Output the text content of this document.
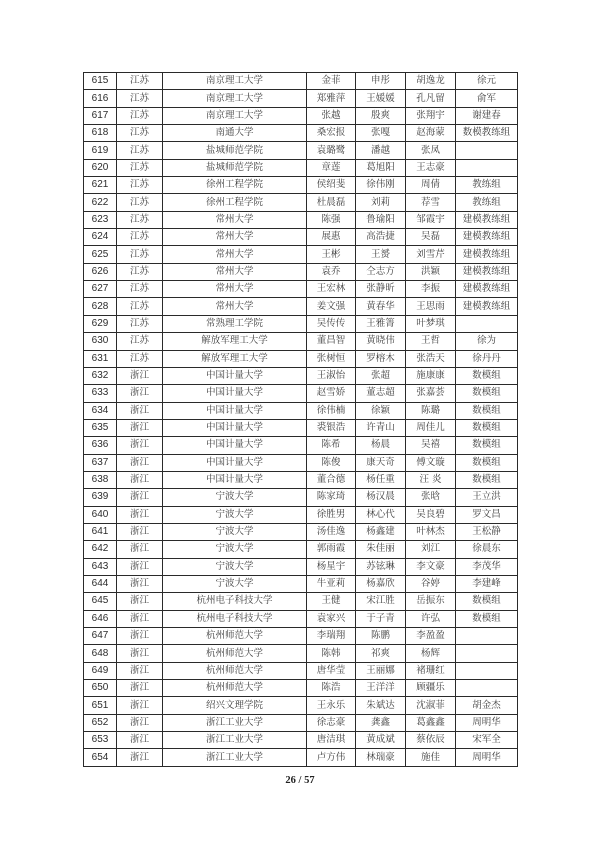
615	江苏	南京理工大学	金菲	申彤	胡逸龙	徐元
616	江苏	南京理工大学	郑雅萍	王媛媛	孔凡留	俞军
617	江苏	南京理工大学	张越	殷爽	张翔宇	谢建春
618	江苏	南通大学	桑宏报	张嘎	赵海蒙	数模教练组
619	江苏	盐城师范学院	袁璐鹭	潘越	张凤	
620	江苏	盐城师范学院	章莲	葛旭阳	王志豪	
621	江苏	徐州工程学院	侯绍斐	徐伟刚	周倩	教练组
622	江苏	徐州工程学院	杜晨磊	刘莉	荐雪	教练组
623	江苏	常州大学	陈强	鲁瑜阳	邹霞宇	建模教练组
624	江苏	常州大学	展惠	高浩捷	吴磊	建模教练组
625	江苏	常州大学	王彬	王赟	刘雪芹	建模教练组
626	江苏	常州大学	袁乔	仝志方	洪颖	建模教练组
627	江苏	常州大学	王宏林	张静昕	李振	建模教练组
628	江苏	常州大学	姜文强	黄春华	王思雨	建模教练组
629	江苏	常熟理工学院	吴传传	王雅箐	叶梦琪	
630	江苏	解放军理工大学	董昌智	黄晓伟	王哲	徐为
631	江苏	解放军理工大学	张树恒	罗榕木	张浩天	徐丹丹
632	浙江	中国计量大学	王淑怡	张超	施康康	数模组
633	浙江	中国计量大学	赵雪娇	董志超	张嘉荟	数模组
634	浙江	中国计量大学	徐伟楠	徐颖	陈璐	数模组
635	浙江	中国计量大学	裘银浩	许青山	周佳儿	数模组
636	浙江	中国计量大学	陈希	杨晨	吴禧	数模组
637	浙江	中国计量大学	陈俊	康天奇	傅文璇	数模组
638	浙江	中国计量大学	董合德	杨任重	汪 炎	数模组
639	浙江	宁波大学	陈家琦	杨汉晨	张晗	王立洪
640	浙江	宁波大学	徐胜男	林心代	吴良碧	罗文昌
641	浙江	宁波大学	汤佳逸	杨鑫建	叶林杰	王松静
642	浙江	宁波大学	郭雨霞	朱佳丽	刘江	徐晨东
643	浙江	宁波大学	杨星宇	苏铉琳	李文豪	李茂华
644	浙江	宁波大学	牛亚莉	杨嘉欣	谷婷	李建峰
645	浙江	杭州电子科技大学	王健	宋江胜	岳振东	数模组
646	浙江	杭州电子科技大学	袁家兴	于子青	许弘	数模组
647	浙江	杭州师范大学	李瑞翔	陈鹏	李盈盈	
648	浙江	杭州师范大学	陈韩	祁爽	杨辉	
649	浙江	杭州师范大学	唐华莹	王丽娜	褚珊红	
650	浙江	杭州师范大学	陈浩	王洋洋	顾疆乐	
651	浙江	绍兴文理学院	王永乐	朱斌达	沈淑菲	胡金杰
652	浙江	浙江工业大学	徐志豪	龚鑫	葛鑫鑫	周明华
653	浙江	浙江工业大学	唐洁琪	黄成斌	蔡依辰	宋军全
654	浙江	浙江工业大学	卢方伟	林瑞豪	施佳	周明华
26 / 57
